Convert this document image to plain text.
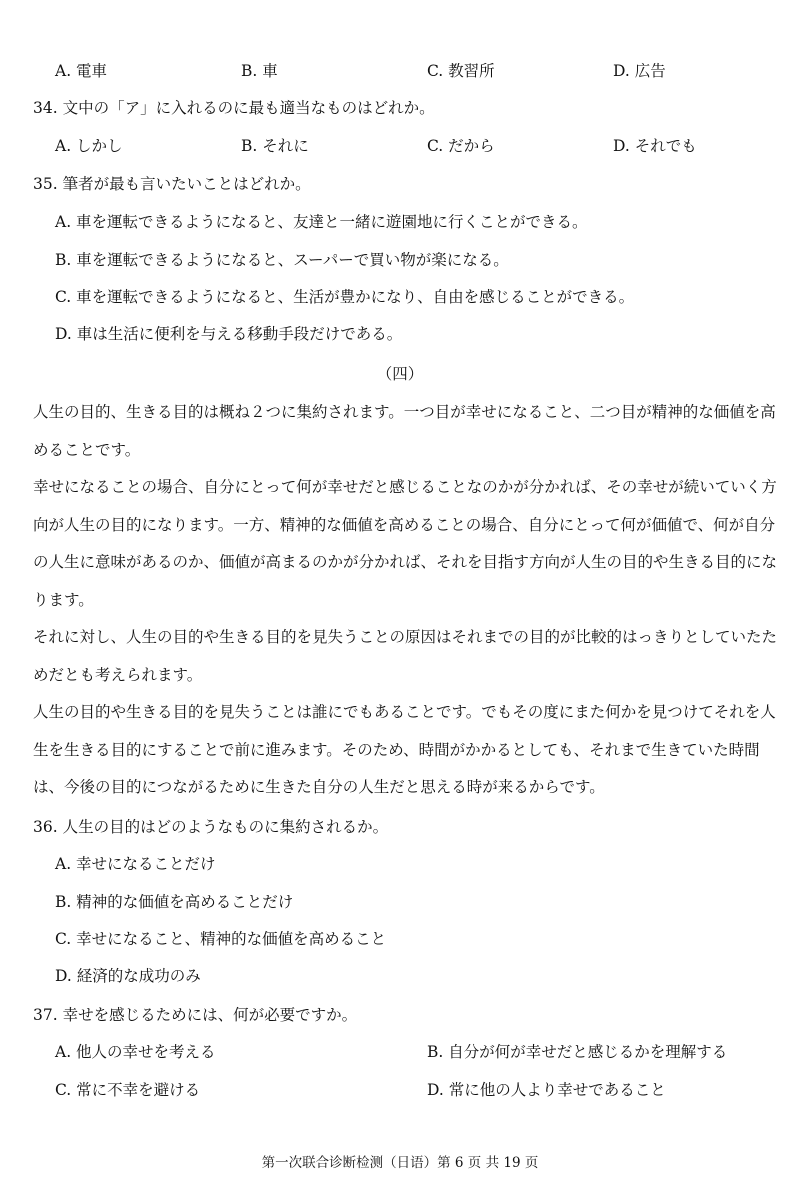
A. 電車	B. 車	C. 教習所	D. 広告
34. 文中の「ア」に入れるのに最も適当なものはどれか。
A. しかし	B. それに	C. だから	D. それでも
35. 筆者が最も言いたいことはどれか。
A. 車を運転できるようになると、友達と一緒に遊園地に行くことができる。
B. 車を運転できるようになると、スーパーで買い物が楽になる。
C. 車を運転できるようになると、生活が豊かになり、自由を感じることができる。
D. 車は生活に便利を与える移動手段だけである。
（四）
人生の目的、生きる目的は概ね２つに集約されます。一つ目が幸せになること、二つ目が精神的な価値を高めることです。
幸せになることの場合、自分にとって何が幸せだと感じることなのかが分かれば、その幸せが続いていく方向が人生の目的になります。一方、精神的な価値を高めることの場合、自分にとって何が価値で、何が自分の人生に意味があるのか、価値が高まるのかが分かれば、それを目指す方向が人生の目的や生きる目的になります。
それに対し、人生の目的や生きる目的を見失うことの原因はそれまでの目的が比較的はっきりとしていたためだとも考えられます。
人生の目的や生きる目的を見失うことは誰にでもあることです。でもその度にまた何かを見つけてそれを人生を生きる目的にすることで前に進みます。そのため、時間がかかるとしても、それまで生きていた時間は、今後の目的につながるために生きた自分の人生だと思える時が来るからです。
36. 人生の目的はどのようなものに集約されるか。
A. 幸せになることだけ
B. 精神的な価値を高めることだけ
C. 幸せになること、精神的な価値を高めること
D. 経済的な成功のみ
37. 幸せを感じるためには、何が必要ですか。
A. 他人の幸せを考える	B. 自分が何が幸せだと感じるかを理解する
C. 常に不幸を避ける	D. 常に他の人より幸せであること
第一次联合诊断检测（日语）第 6 页 共 19 页
